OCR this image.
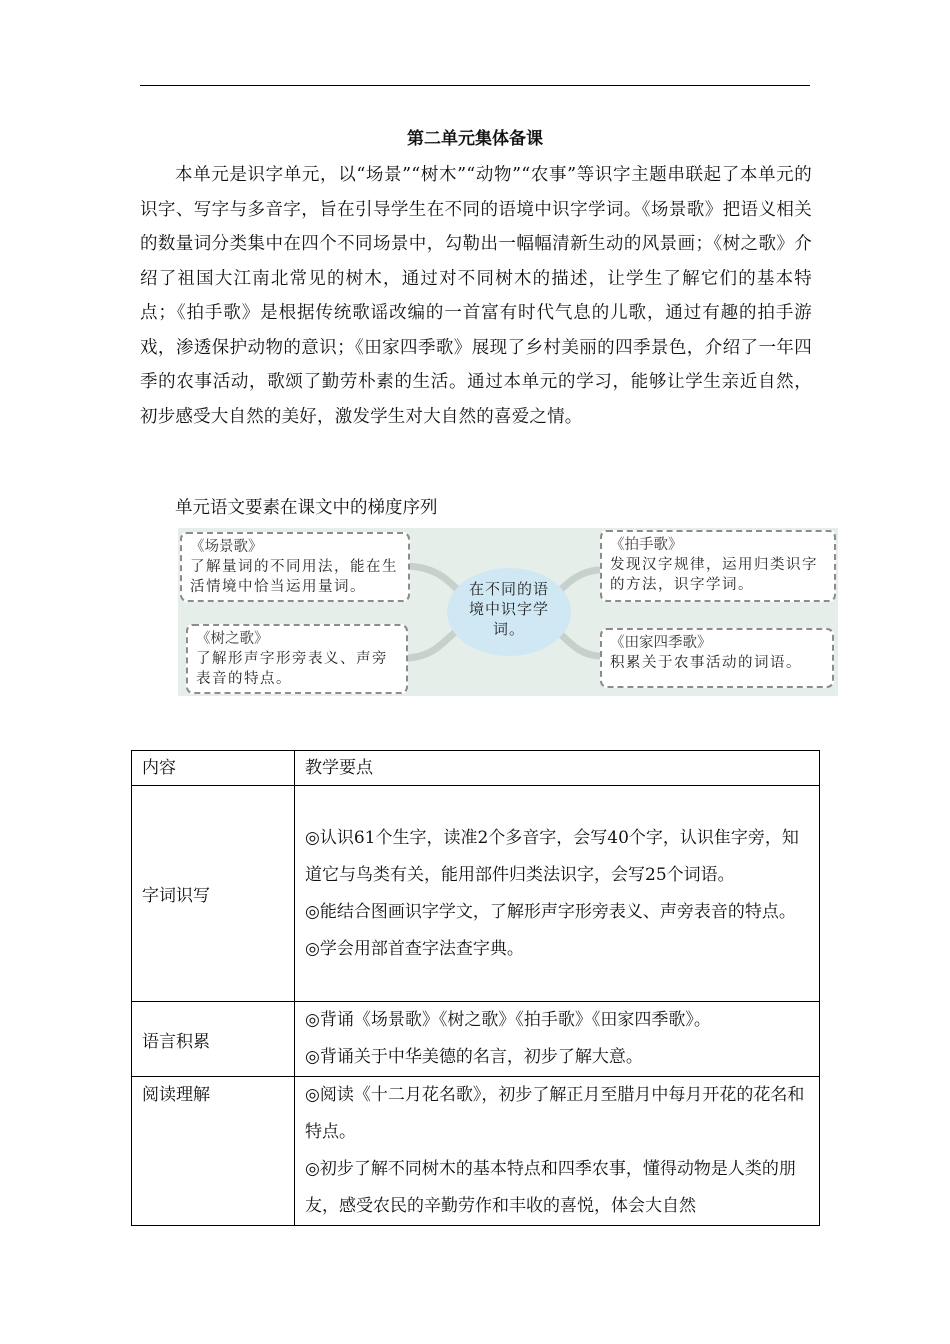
第二单元集体备课

本单元是识字单元，以“场景”“树木”“动物”“农事”等识字主题串联起了本单元的识字、写字与多音字，旨在引导学生在不同的语境中识字学词。《场景歌》把语义相关的数量词分类集中在四个不同场景中，勾勒出一幅幅清新生动的风景画；《树之歌》介绍了祖国大江南北常见的树木，通过对不同树木的描述，让学生了解它们的基本特点；《拍手歌》是根据传统歌谣改编的一首富有时代气息的儿歌，通过有趣的拍手游戏，渗透保护动物的意识；《田家四季歌》展现了乡村美丽的四季景色，介绍了一年四季的农事活动，歌颂了勤劳朴素的生活。通过本单元的学习，能够让学生亲近自然，初步感受大自然的美好，激发学生对大自然的喜爱之情。

单元语文要素在课文中的梯度序列
在不同的语境中识字学词。
《场景歌》
了解量词的不同用法，能在生活情境中恰当运用量词。
《树之歌》
了解形声字形旁表义、声旁表音的特点。
《拍手歌》
发现汉字规律，运用归类识字的方法，识字学词。
《田家四季歌》
积累关于农事活动的词语。
内容	教学要点
字词识写	◎认识61个生字，读准2个多音字，会写40个字，认识隹字旁，知道它与鸟类有关，能用部件归类法识字，会写25个词语。
◎能结合图画识字学文，了解形声字形旁表义、声旁表音的特点。
◎学会用部首查字法查字典。

语言积累	◎背诵《场景歌》《树之歌》《拍手歌》《田家四季歌》。
◎背诵关于中华美德的名言，初步了解大意。

阅读理解	◎阅读《十二月花名歌》，初步了解正月至腊月中每月开花的花名和特点。
◎初步了解不同树木的基本特点和四季农事，懂得动物是人类的朋友，感受农民的辛勤劳作和丰收的喜悦，体会大自然
